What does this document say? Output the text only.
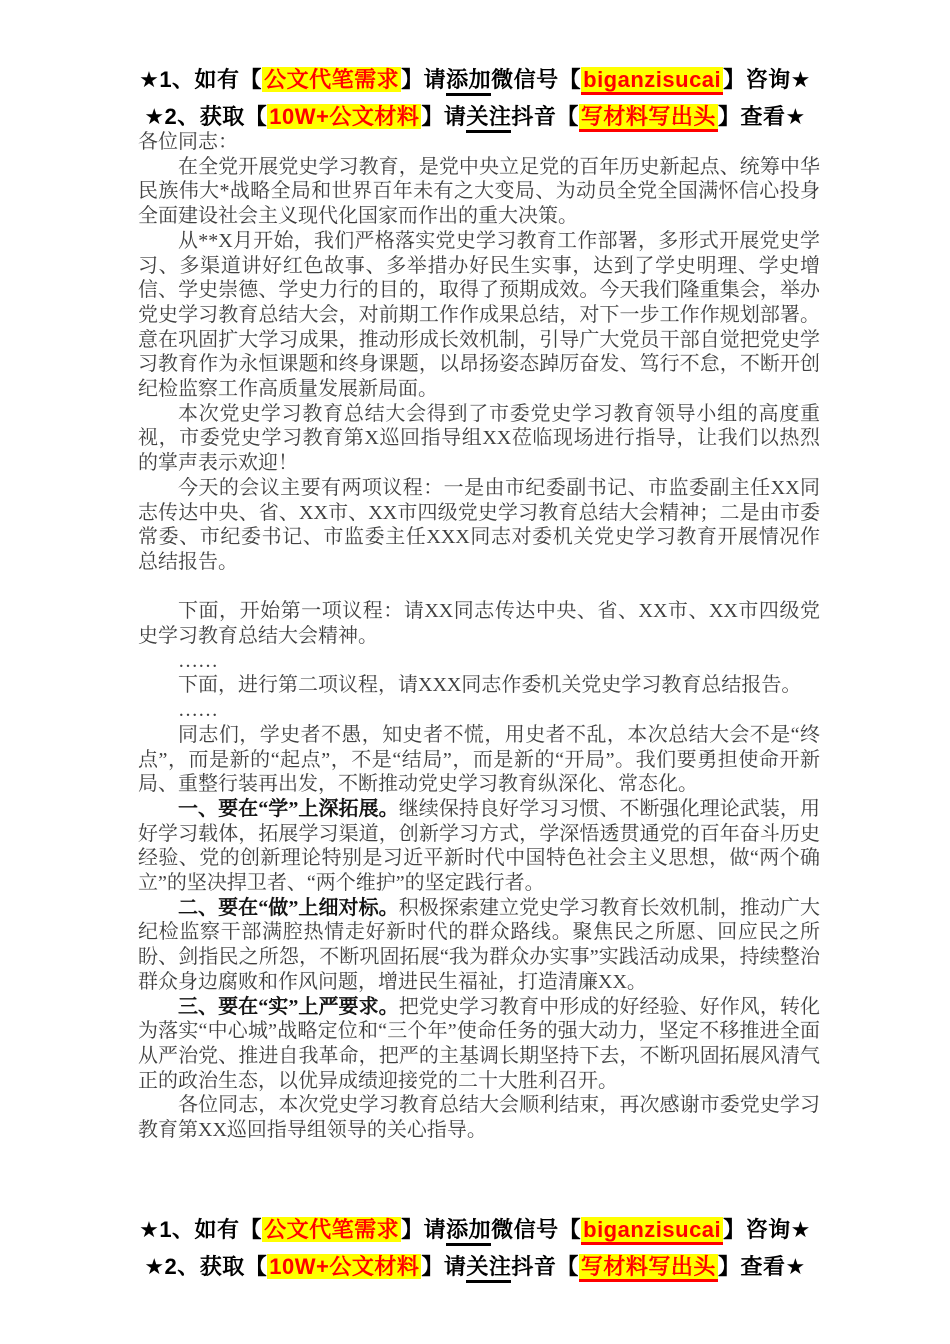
★1、如有【公文代笔需求】请添加微信号【biganzisucai】咨询★
★2、获取【10W+公文材料】请关注抖音【写材料写出头】查看★

各位同志：

在全党开展党史学习教育，是党中央立足党的百年历史新起点、统筹中华民族伟大*战略全局和世界百年未有之大变局、为动员全党全国满怀信心投身全面建设社会主义现代化国家而作出的重大决策。

从**X月开始，我们严格落实党史学习教育工作部署，多形式开展党史学习、多渠道讲好红色故事、多举措办好民生实事，达到了学史明理、学史增信、学史崇德、学史力行的目的，取得了预期成效。今天我们隆重集会，举办党史学习教育总结大会，对前期工作作成果总结，对下一步工作作规划部署。意在巩固扩大学习成果，推动形成长效机制，引导广大党员干部自觉把党史学习教育作为永恒课题和终身课题，以昂扬姿态踔厉奋发、笃行不怠，不断开创纪检监察工作高质量发展新局面。

本次党史学习教育总结大会得到了市委党史学习教育领导小组的高度重视，市委党史学习教育第X巡回指导组XX莅临现场进行指导，让我们以热烈的掌声表示欢迎！

今天的会议主要有两项议程：一是由市纪委副书记、市监委副主任XX同志传达中央、省、XX市、XX市四级党史学习教育总结大会精神；二是由市委常委、市纪委书记、市监委主任XXX同志对委机关党史学习教育开展情况作总结报告。

下面，开始第一项议程：请XX同志传达中央、省、XX市、XX市四级党史学习教育总结大会精神。

……

下面，进行第二项议程，请XXX同志作委机关党史学习教育总结报告。

……

同志们，学史者不愚，知史者不慌，用史者不乱，本次总结大会不是“终点”，而是新的“起点”，不是“结局”，而是新的“开局”。我们要勇担使命开新局、重整行装再出发，不断推动党史学习教育纵深化、常态化。

一、要在“学”上深拓展。继续保持良好学习习惯、不断强化理论武装，用好学习载体，拓展学习渠道，创新学习方式，学深悟透贯通党的百年奋斗历史经验、党的创新理论特别是习近平新时代中国特色社会主义思想，做“两个确立”的坚决捍卫者、“两个维护”的坚定践行者。

二、要在“做”上细对标。积极探索建立党史学习教育长效机制，推动广大纪检监察干部满腔热情走好新时代的群众路线。聚焦民之所愿、回应民之所盼、剑指民之所怨，不断巩固拓展“我为群众办实事”实践活动成果，持续整治群众身边腐败和作风问题，增进民生福祉，打造清廉XX。

三、要在“实”上严要求。把党史学习教育中形成的好经验、好作风，转化为落实“中心城”战略定位和“三个年”使命任务的强大动力，坚定不移推进全面从严治党、推进自我革命，把严的主基调长期坚持下去，不断巩固拓展风清气正的政治生态，以优异成绩迎接党的二十大胜利召开。

各位同志，本次党史学习教育总结大会顺利结束，再次感谢市委党史学习教育第XX巡回指导组领导的关心指导。

★1、如有【公文代笔需求】请添加微信号【biganzisucai】咨询★
★2、获取【10W+公文材料】请关注抖音【写材料写出头】查看★
